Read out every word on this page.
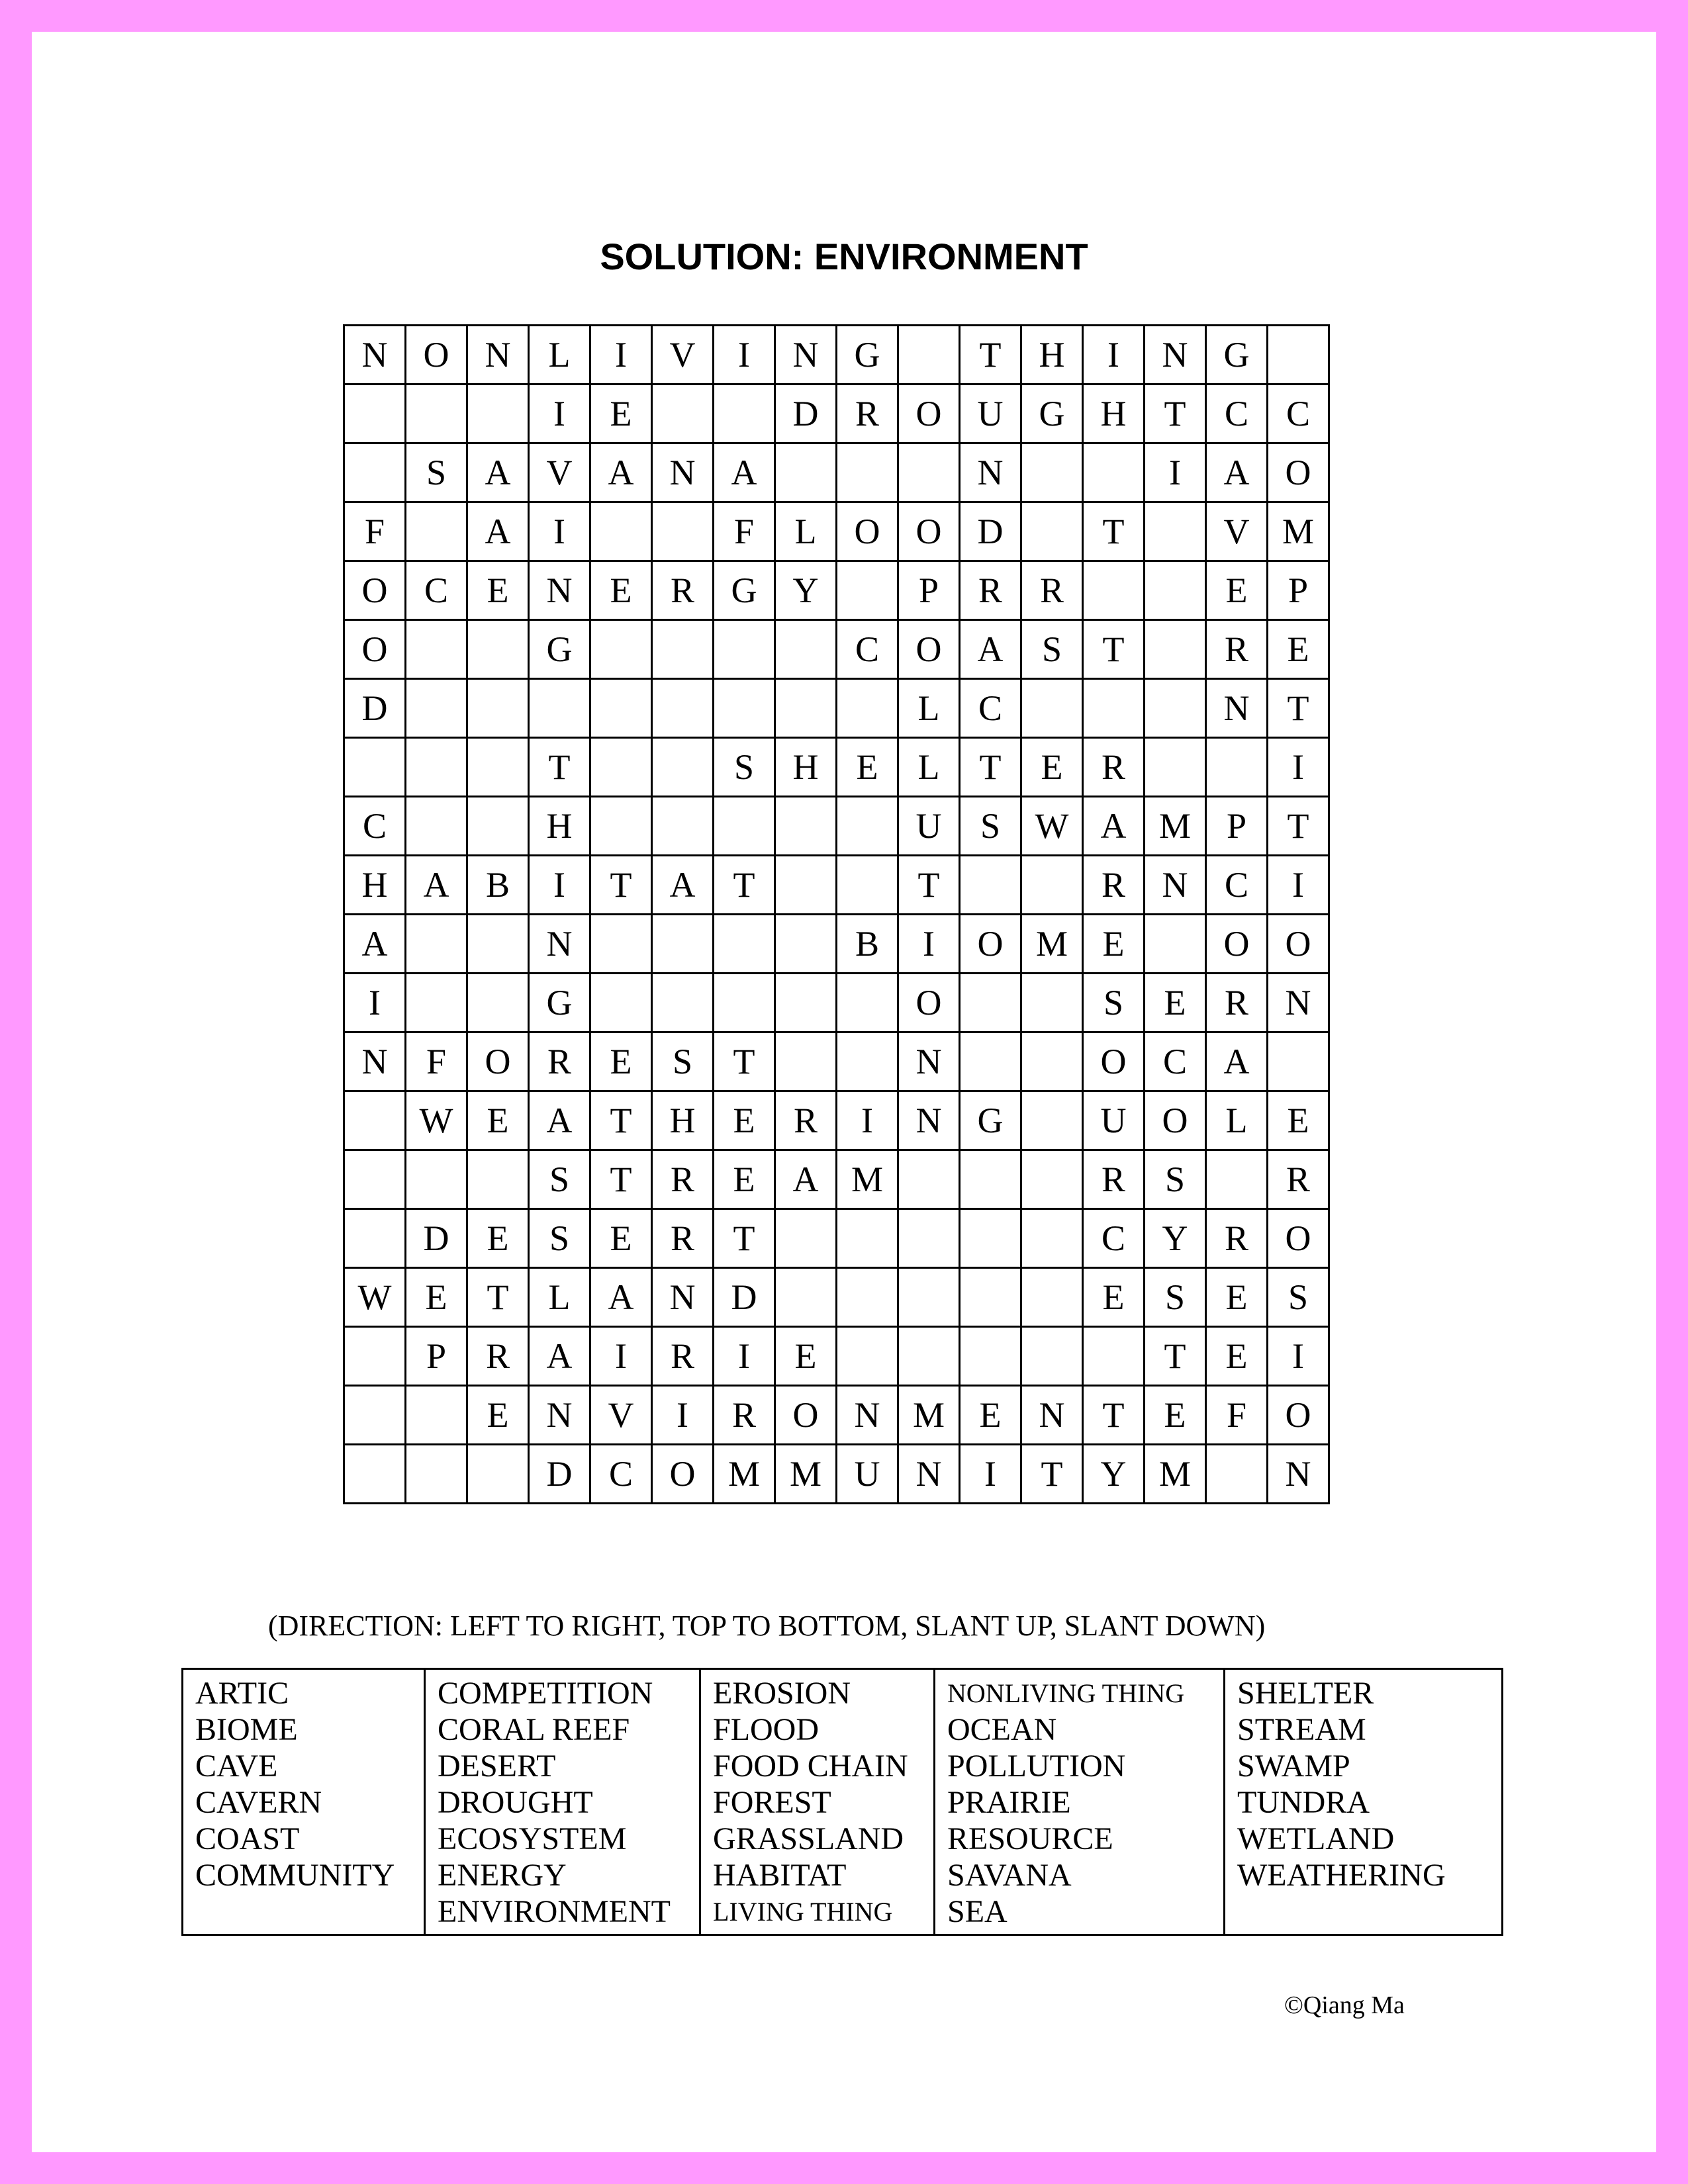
SOLUTION: ENVIRONMENT
N	O	N	L	I	V	I	N	G		T	H	I	N	G	
			I	E			D	R	O	U	G	H	T	C	C
	S	A	V	A	N	A				N			I	A	O
F		A	I			F	L	O	O	D		T		V	M
O	C	E	N	E	R	G	Y		P	R	R			E	P
O			G					C	O	A	S	T		R	E
D									L	C				N	T
			T			S	H	E	L	T	E	R			I
C			H						U	S	W	A	M	P	T
H	A	B	I	T	A	T			T			R	N	C	I
A			N					B	I	O	M	E		O	O
I			G						O			S	E	R	N
N	F	O	R	E	S	T			N			O	C	A	
	W	E	A	T	H	E	R	I	N	G		U	O	L	E
			S	T	R	E	A	M				R	S		R
	D	E	S	E	R	T						C	Y	R	O
W	E	T	L	A	N	D						E	S	E	S
	P	R	A	I	R	I	E						T	E	I
		E	N	V	I	R	O	N	M	E	N	T	E	F	O
			D	C	O	M	M	U	N	I	T	Y	M		N
(DIRECTION: LEFT TO RIGHT, TOP TO BOTTOM, SLANT UP, SLANT DOWN)
ARTIC
BIOME
CAVE
CAVERN
COAST
COMMUNITY

COMPETITION
CORAL REEF
DESERT
DROUGHT
ECOSYSTEM
ENERGY
ENVIRONMENT

EROSION
FLOOD
FOOD CHAIN
FOREST
GRASSLAND
HABITAT
LIVING THING

NONLIVING THING
OCEAN
POLLUTION
PRAIRIE
RESOURCE
SAVANA
SEA

SHELTER
STREAM
SWAMP
TUNDRA
WETLAND
WEATHERING
©Qiang Ma
